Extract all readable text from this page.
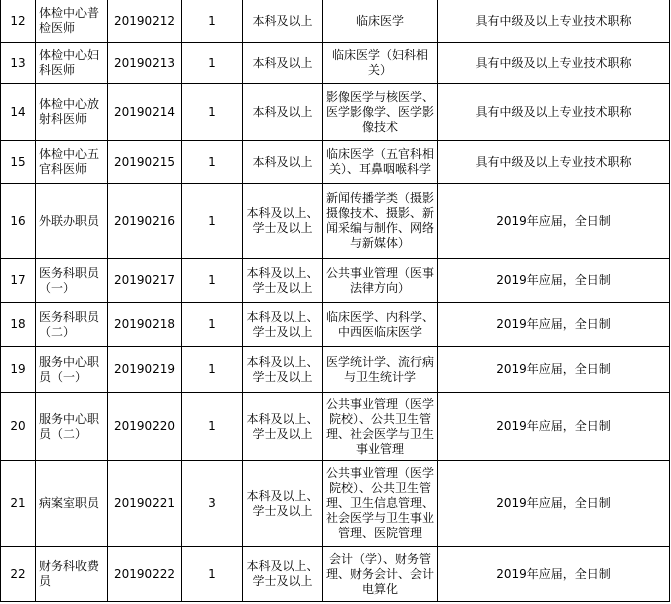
12	体检中心普检医师	20190212	1	本科及以上	临床医学	具有中级及以上专业技术职称
13	体检中心妇科医师	20190213	1	本科及以上	临床医学（妇科相关）	具有中级及以上专业技术职称
14	体检中心放射科医师	20190214	1	本科及以上	影像医学与核医学、医学影像学、医学影像技术	具有中级及以上专业技术职称
15	体检中心五官科医师	20190215	1	本科及以上	临床医学（五官科相关）、耳鼻咽喉科学	具有中级及以上专业技术职称
16	外联办职员	20190216	1	本科及以上、学士及以上	新闻传播学类（摄影摄像技术、摄影、新闻采编与制作、网络与新媒体）	2019年应届，全日制
17	医务科职员（一）	20190217	1	本科及以上、学士及以上	公共事业管理（医事法律方向）	2019年应届，全日制
18	医务科职员（二）	20190218	1	本科及以上、学士及以上	临床医学、内科学、中西医临床医学	2019年应届，全日制
19	服务中心职员（一）	20190219	1	本科及以上、学士及以上	医学统计学、流行病与卫生统计学	2019年应届，全日制
20	服务中心职员（二）	20190220	1	本科及以上、学士及以上	公共事业管理（医学院校）、公共卫生管理、社会医学与卫生事业管理	2019年应届，全日制
21	病案室职员	20190221	3	本科及以上、学士及以上	公共事业管理（医学院校）、公共卫生管理、卫生信息管理、社会医学与卫生事业管理、医院管理	2019年应届，全日制
22	财务科收费员	20190222	1	本科及以上、学士及以上	会计（学）、财务管理、财务会计、会计电算化	2019年应届，全日制
